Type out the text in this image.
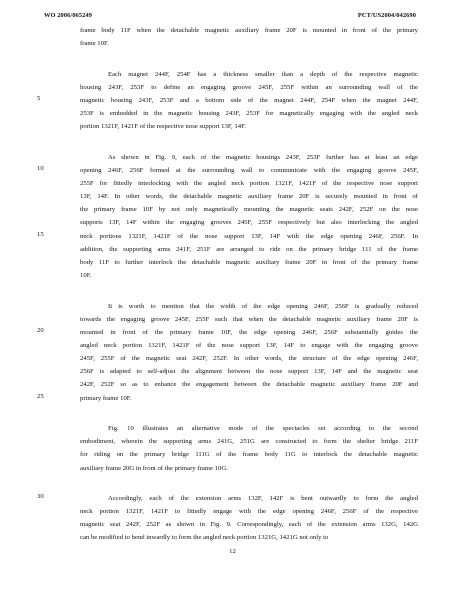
WO 2006/065249	PCT/US2004/042690
frame body 11F when the detachable magnetic auxiliary frame 20F is mounted in front of the primary
frame 10F.
Each magnet 244F, 254F has a thickness smaller than a depth of the respective magnetic
housing 243F, 253F to define an engaging groove 245F, 255F within an surrounding wall of the
magnetic housing 243F, 253F and a bottom side of the magnet 244F, 254F when the magnet 244F,
253F is embedded in the magnetic housing 243F, 253F for magnetically engaging with the angled neck
portion 1321F, 1421F of the respective nose support 13F, 14F.
As shown in Fig. 9, each of the magnetic housings 243F, 253F further has at least an edge
opening 246F, 256F formed at the surrounding wall to communicate with the engaging groove 245F,
255F for fittedly interlocking with the angled neck portion 1321F, 1421F of the respective nose support
13F, 14F. In other words, the detachable magnetic auxiliary frame 20F is securely mounted in front of
the primary frame 10F by not only magnetically mounting the magnetic seats 242F, 252F on the nose
supports 13F, 14F within the engaging grooves 245F, 255F respectively but also interlocking the angled
neck portions 1321F, 1421F of the nose support 13F, 14F with the edge opening 246F, 256F. In
addition, the supporting arms 241F, 251F are arranged to ride on the primary bridge 111 of the frame
body 11F to further interlock the detachable magnetic auxiliary frame 20F in front of the primary frame
10F.
It is worth to mention that the width of the edge opening 246F, 256F is gradually reduced
towards the engaging groove 245F, 255F such that when the detachable magnetic auxiliary frame 20F is
mounted in front of the primary frame 10F, the edge opening 246F, 256F substantially guides the
angled neck portion 1321F, 1421F of the nose support 13F, 14F to engage with the engaging groove
245F, 255F of the magnetic seat 242F, 252F. In other words, the structure of the edge opening 246F,
256F is adapted to self-adjust the alignment between the nose support 13F, 14F and the magnetic seat
242F, 252F so as to enhance the engagement between the detachable magnetic auxiliary frame 20F and
primary frame 10F.
Fig. 10 illustrates an alternative mode of the spectacles set according to the second
embodiment, wherein the supporting arms 241G, 251G are constructed to form the shelter bridge 211F
for riding on the primary bridge 111G of the frame body 11G to interlock the detachable magnetic
auxiliary frame 20G in front of the primary frame 10G.
Accordingly, each of the extension arms 132F, 142F is bent outwardly to form the angled
neck portion 1321F, 1421F to fittedly engage with the edge opening 246F, 256F of the respective
magnetic seat 242F, 252F as shown in Fig. 9. Correspondingly, each of the extension arms 132G, 142G
can be modified to bend inwardly to form the angled neck portion 1321G, 1421G not only to
12
5
10
15
20
25
30
